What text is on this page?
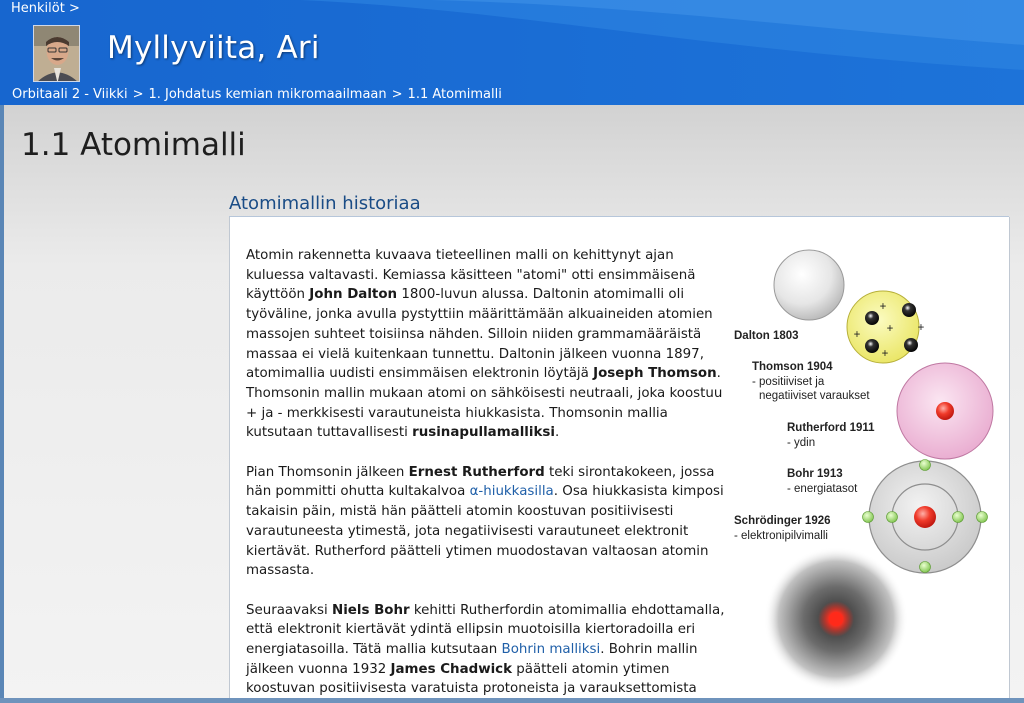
Henkilöt >
Myllyviita, Ari
Orbitaali 2 - Viikki > 1. Johdatus kemian mikromaailmaan > 1.1 Atomimalli
1.1 Atomimalli
Atomimallin historiaa

Atomin rakennetta kuvaava tieteellinen malli on kehittynyt ajan kuluessa valtavasti. Kemiassa käsitteen "atomi" otti ensimmäisenä käyttöön John Dalton 1800-luvun alussa. Daltonin atomimalli oli työväline, jonka avulla pystyttiin määrittämään alkuaineiden atomien massojen suhteet toisiinsa nähden. Silloin niiden grammamääräistä massaa ei vielä kuitenkaan tunnettu. Daltonin jälkeen vuonna 1897, atomimallia uudisti ensimmäisen elektronin löytäjä Joseph Thomson. Thomsonin mallin mukaan atomi on sähköisesti neutraali, joka koostuu + ja - merkkisesti varautuneista hiukkasista. Thomsonin mallia kutsutaan tuttavallisesti rusinapullamalliksi.

Pian Thomsonin jälkeen Ernest Rutherford teki sirontakokeen, jossa hän pommitti ohutta kultakalvoa α-hiukkasilla. Osa hiukkasista kimposi takaisin päin, mistä hän päätteli atomin koostuvan positiivisesti varautuneesta ytimestä, jota negatiivisesti varautuneet elektronit kiertävät. Rutherford päätteli ytimen muodostavan valtaosan atomin massasta.

Seuraavaksi Niels Bohr kehitti Rutherfordin atomimallia ehdottamalla, että elektronit kiertävät ydintä ellipsin muotoisilla kiertoradoilla eri energiatasoilla. Tätä mallia kutsutaan Bohrin malliksi. Bohrin mallin jälkeen vuonna 1932 James Chadwick päätteli atomin ytimen koostuvan positiivisesta varatuista protoneista ja varauksettomista

Dalton 1803
+
+
+
+
+
Thomson 1904
- positiiviset ja
negatiiviset varaukset
Rutherford 1911
- ydin
Bohr 1913
- energiatasot
Schrödinger 1926
- elektronipilvimalli
